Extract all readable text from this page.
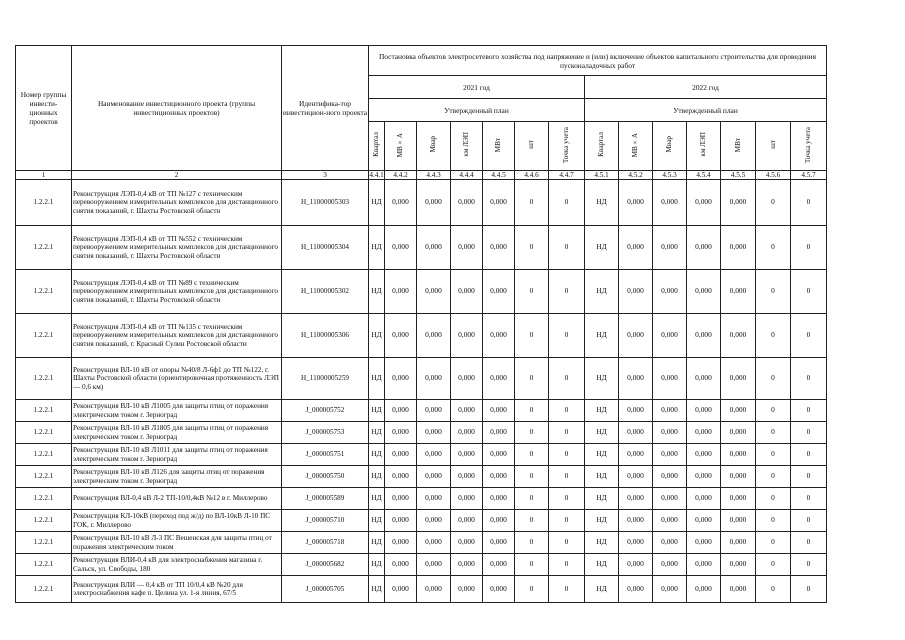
Номер группы инвести-ционных проектов	Наименование инвестиционного проекта (группы инвестиционных проектов)	Идентифика-тор инвестицион-ного проекта	Постановка объектов электросетевого хозяйства под напряжение и (или) включение объектов капитального строительства для проведения пусконаладочных работ													
			2021 год							2022 год						
			Утвержденный план							Утвержденный план						
			Квартал	МВ×А	Мвар	км ЛЭП	МВт	шт	Точка учета	Квартал	МВ×А	Мвар	км ЛЭП	МВт	шт	Точка учета
1	2	3	4.4.1	4.4.2	4.4.3	4.4.4	4.4.5	4.4.6	4.4.7	4.5.1	4.5.2	4.5.3	4.5.4	4.5.5	4.5.6	4.5.7
1.2.2.1	Реконструкция ЛЭП-0,4 кВ от ТП №127 с техническим перевооружением измерительных комплексов для дистанционного снятия показаний, г. Шахты Ростовской области	Н_11000005303	НД	0,000	0,000	0,000	0,000	0	0	НД	0,000	0,000	0,000	0,000	0	0
1.2.2.1	Реконструкция ЛЭП-0,4 кВ от ТП №552 с техническим перевооружением измерительных комплексов для дистанционного снятия показаний, г. Шахты Ростовской области	Н_11000005304	НД	0,000	0,000	0,000	0,000	0	0	НД	0,000	0,000	0,000	0,000	0	0
1.2.2.1	Реконструкция ЛЭП-0,4 кВ от ТП №89 с техническим перевооружением измерительных комплексов для дистанционного снятия показаний, г. Шахты Ростовской области	Н_11000005302	НД	0,000	0,000	0,000	0,000	0	0	НД	0,000	0,000	0,000	0,000	0	0
1.2.2.1	Реконструкция ЛЭП-0,4 кВ от ТП №135 с техническим перевооружением измерительных комплексов для дистанционного снятия показаний, г. Красный Сулин Ростовской области	Н_11000005306	НД	0,000	0,000	0,000	0,000	0	0	НД	0,000	0,000	0,000	0,000	0	0
1.2.2.1	Реконструкция ВЛ-10 кВ от опоры №40/8 Л-6ф1 до ТП №122, г. Шахты Ростовской области (ориентировочная протяженность ЛЭП — 0,6 км)	Н_11000005259	НД	0,000	0,000	0,000	0,000	0	0	НД	0,000	0,000	0,000	0,000	0	0
1.2.2.1	Реконструкция ВЛ-10 кВ Л1005 для защиты птиц от поражения электрическим током г. Зерноград	J_000005752	НД	0,000	0,000	0,000	0,000	0	0	НД	0,000	0,000	0,000	0,000	0	0
1.2.2.1	Реконструкция ВЛ-10 кВ Л1805 для защиты птиц от поражения электрическим током г. Зерноград	J_000005753	НД	0,000	0,000	0,000	0,000	0	0	НД	0,000	0,000	0,000	0,000	0	0
1.2.2.1	Реконструкция ВЛ-10 кВ Л1011 для защиты птиц от поражения электрическим током г. Зерноград	J_000005751	НД	0,000	0,000	0,000	0,000	0	0	НД	0,000	0,000	0,000	0,000	0	0
1.2.2.1	Реконструкция ВЛ-10 кВ Л126 для защиты птиц от поражения электрическим током г. Зерноград	J_000005750	НД	0,000	0,000	0,000	0,000	0	0	НД	0,000	0,000	0,000	0,000	0	0
1.2.2.1	Реконструкция ВЛ-0,4 кВ Л-2 ТП-10/0,4кВ №12 в г. Миллерово	J_000005589	НД	0,000	0,000	0,000	0,000	0	0	НД	0,000	0,000	0,000	0,000	0	0
1.2.2.1	Реконструкция КЛ-10кВ (переход под ж/д) по ВЛ-10кВ Л-10 ПС ГОК, г. Миллерово	J_000005710	НД	0,000	0,000	0,000	0,000	0	0	НД	0,000	0,000	0,000	0,000	0	0
1.2.2.1	Реконструкция ВЛ-10 кВ Л-3 ПС Вешенская для защиты птиц от поражения электрическим током	J_000005718	НД	0,000	0,000	0,000	0,000	0	0	НД	0,000	0,000	0,000	0,000	0	0
1.2.2.1	Реконструкция ВЛИ-0,4 кВ для электроснабжения магазина г. Сальск, ул. Свободы, 180	J_000005682	НД	0,000	0,000	0,000	0,000	0	0	НД	0,000	0,000	0,000	0,000	0	0
1.2.2.1	Реконструкция ВЛИ — 0,4 кВ от ТП 10/0,4 кВ №20 для электроснабжения кафе п. Целина ул. 1-я линия, 67/5	J_000005705	НД	0,000	0,000	0,000	0,000	0	0	НД	0,000	0,000	0,000	0,000	0	0
